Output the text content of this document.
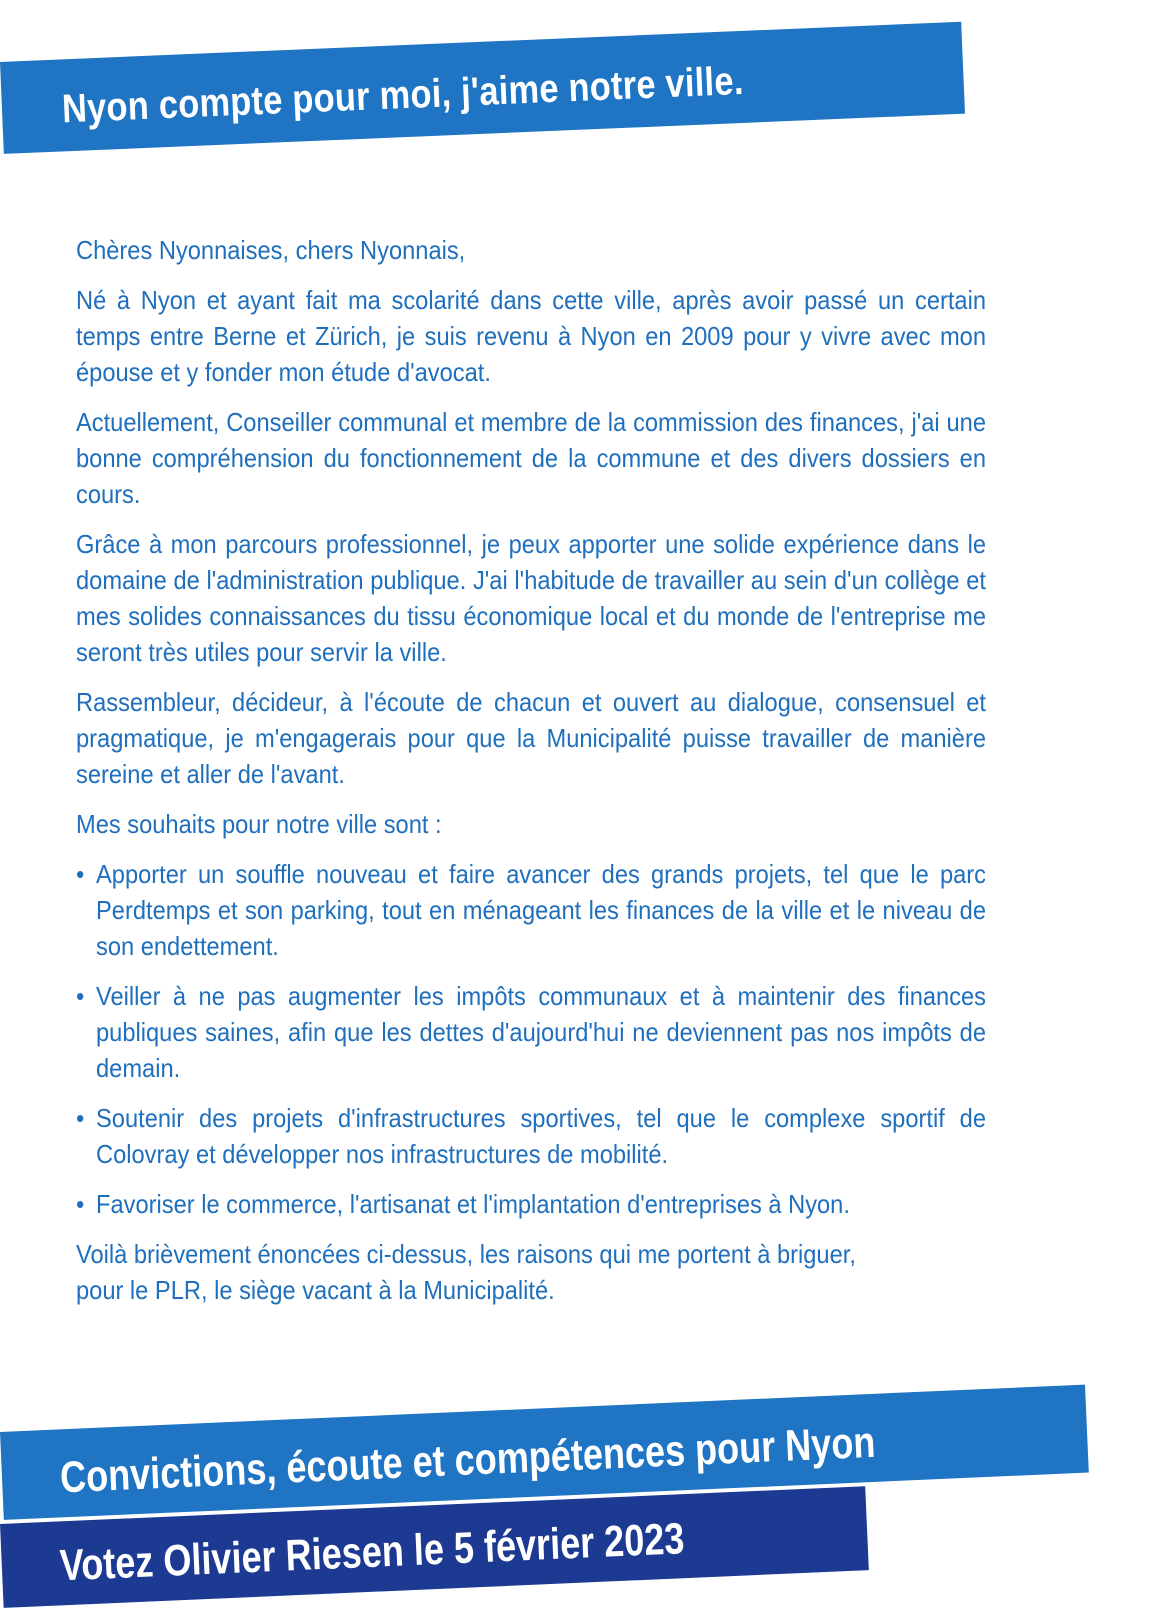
Nyon compte pour moi, j'aime notre ville.

Chères Nyonnaises, chers Nyonnais,

Né à Nyon et ayant fait ma scolarité dans cette ville, après avoir passé un certain temps entre Berne et Zürich, je suis revenu à Nyon en 2009 pour y vivre avec mon épouse et y fonder mon étude d'avocat.

Actuellement, Conseiller communal et membre de la commission des finances, j'ai une bonne compréhension du fonctionnement de la commune et des divers dossiers en cours.

Grâce à mon parcours professionnel, je peux apporter une solide expérience dans le domaine de l'administration publique. J'ai l'habitude de travailler au sein d'un collège et mes solides connaissances du tissu économique local et du monde de l'entreprise me seront très utiles pour servir la ville.

Rassembleur, décideur, à l'écoute de chacun et ouvert au dialogue, consensuel et pragmatique, je m'engagerais pour que la Municipalité puisse travailler de manière sereine et aller de l'avant.

Mes souhaits pour notre ville sont :

• Apporter un souffle nouveau et faire avancer des grands projets, tel que le parc Perdtemps et son parking, tout en ménageant les finances de la ville et le niveau de son endettement.
• Veiller à ne pas augmenter les impôts communaux et à maintenir des finances publiques saines, afin que les dettes d'aujourd'hui ne deviennent pas nos impôts de demain.
• Soutenir des projets d'infrastructures sportives, tel que le complexe sportif de Colovray et développer nos infrastructures de mobilité.
• Favoriser le commerce, l'artisanat et l'implantation d'entreprises à Nyon.

Voilà brièvement énoncées ci-dessus, les raisons qui me portent à briguer,
pour le PLR, le siège vacant à la Municipalité.

Convictions, écoute et compétences pour Nyon
Votez Olivier Riesen le 5 février 2023
